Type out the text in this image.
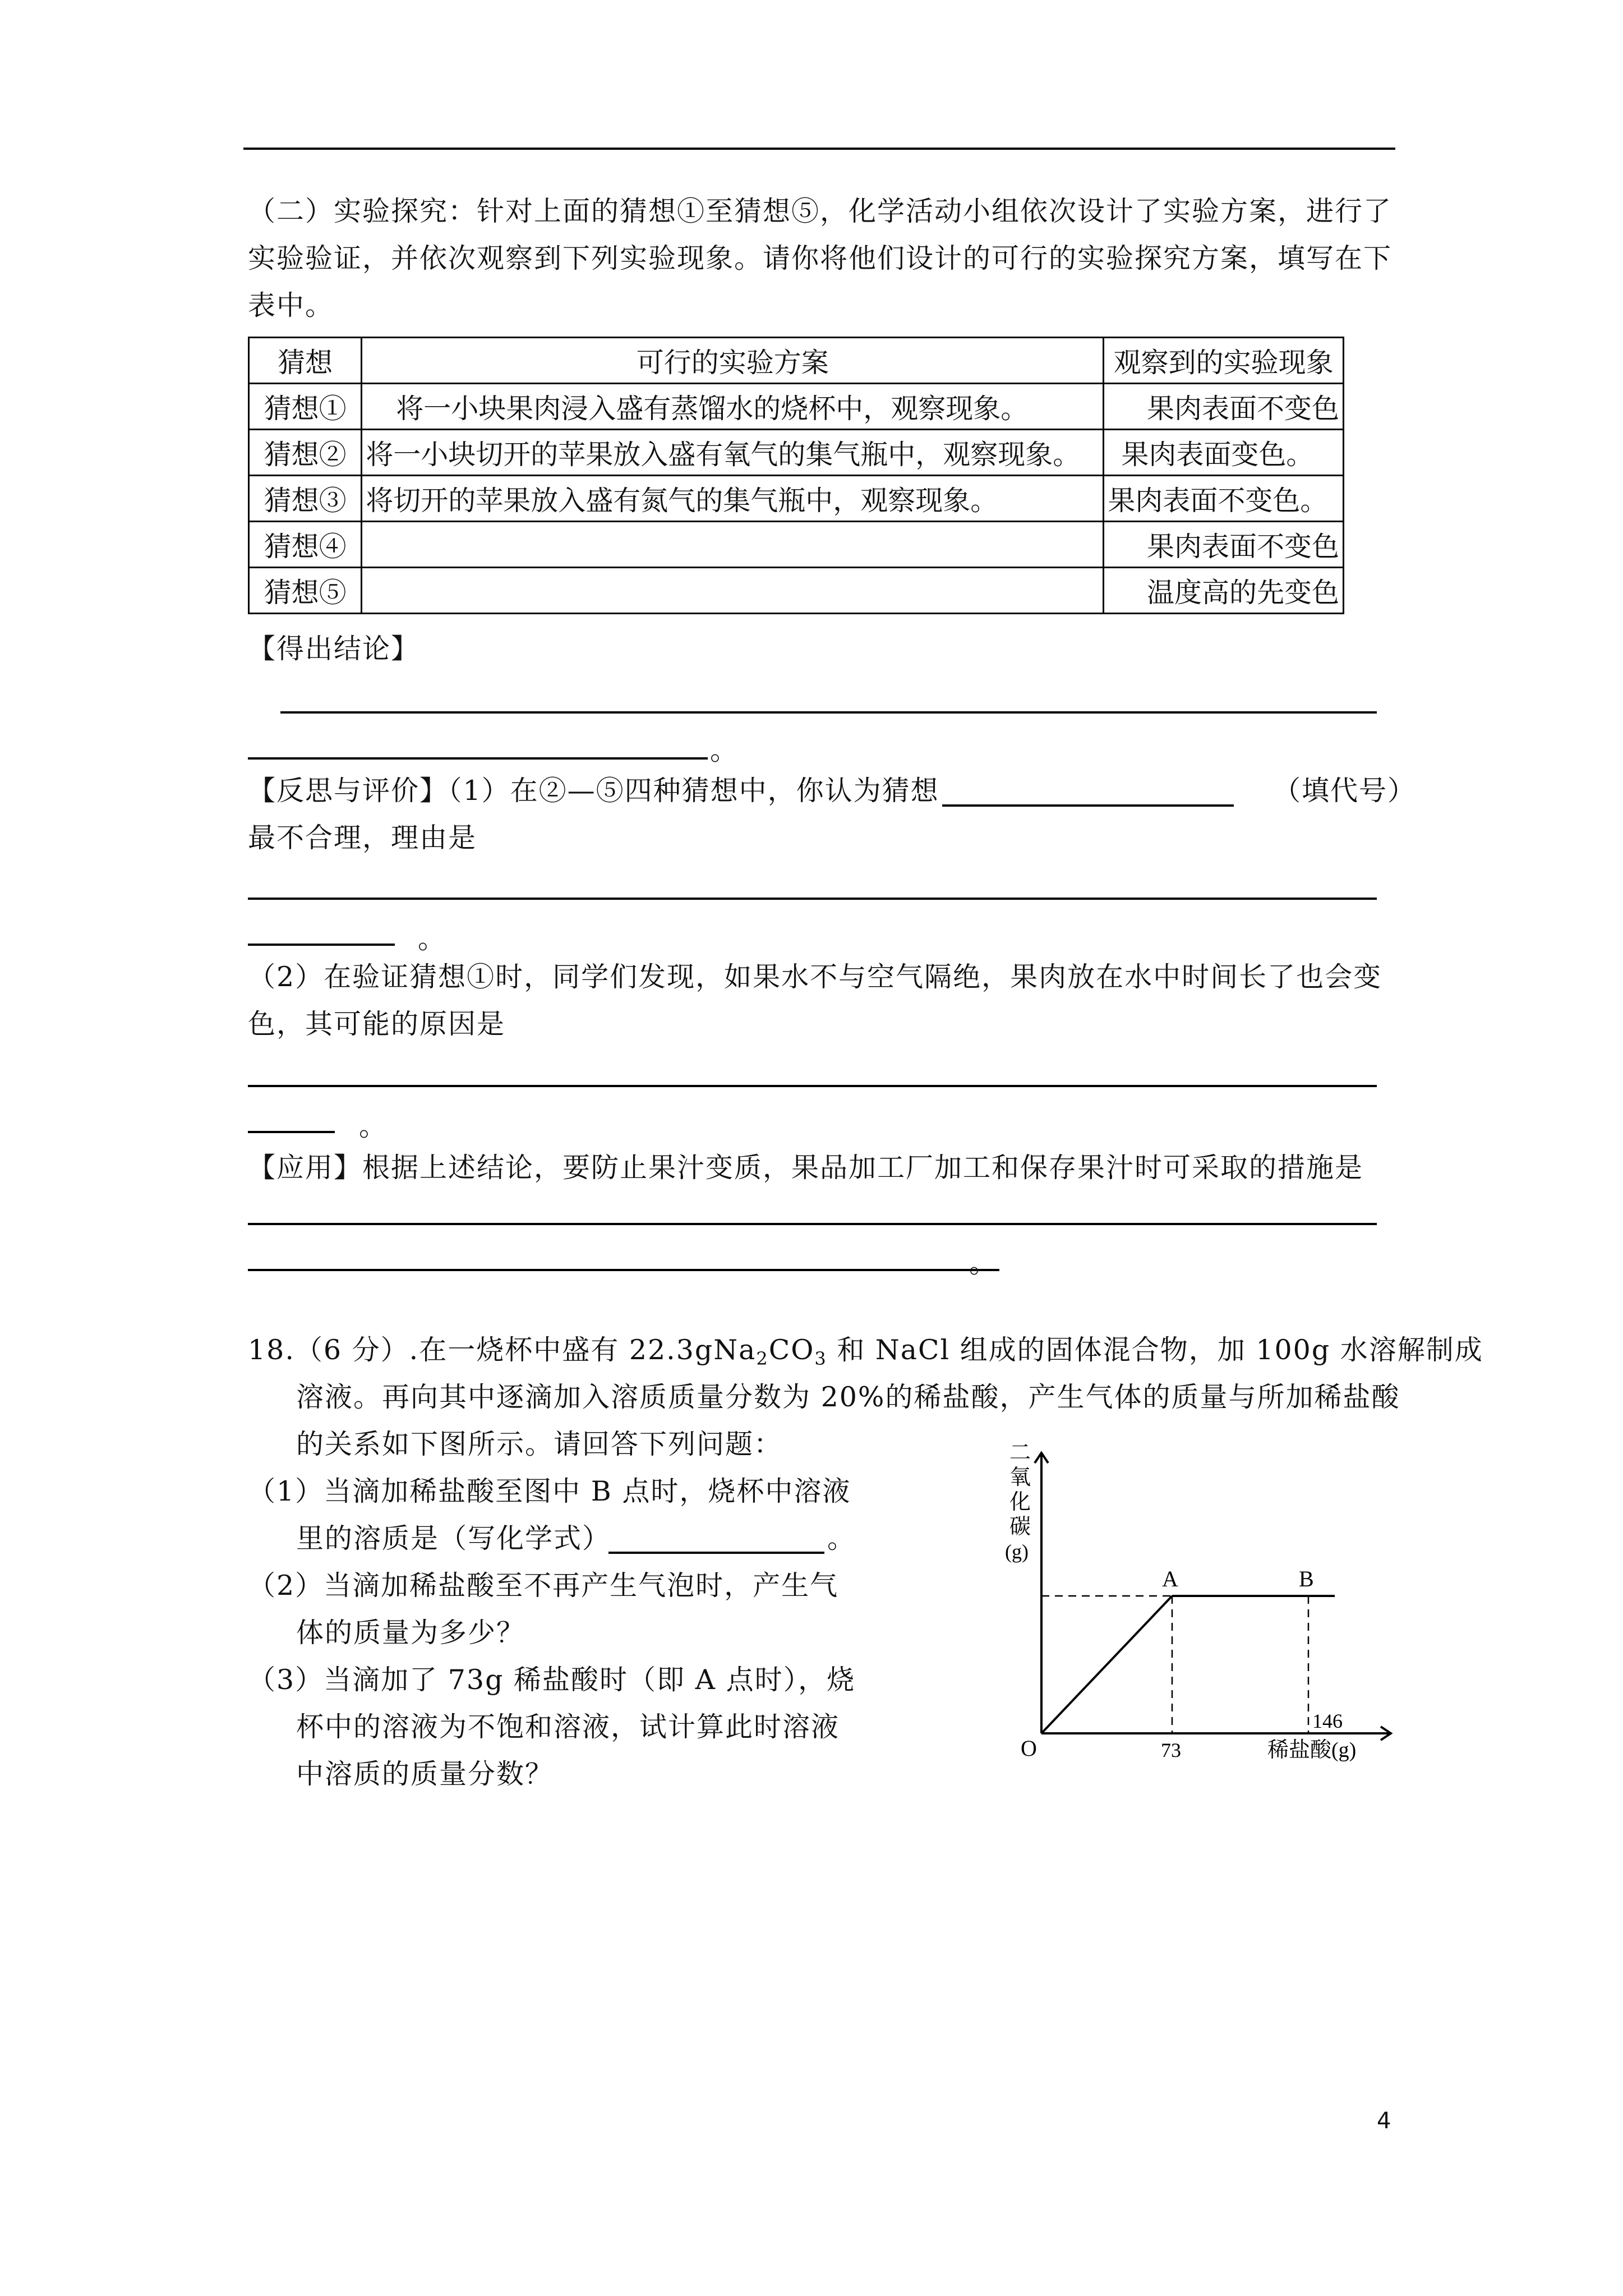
（二）实验探究：针对上面的猜想①至猜想⑤，化学活动小组依次设计了实验方案，进行了
实验验证，并依次观察到下列实验现象。请你将他们设计的可行的实验探究方案，填写在下
表中。
猜想	可行的实验方案	观察到的实验现象
猜想①	将一小块果肉浸入盛有蒸馏水的烧杯中，观察现象。	果肉表面不变色
猜想②	将一小块切开的苹果放入盛有氧气的集气瓶中，观察现象。	果肉表面变色。
猜想③	将切开的苹果放入盛有氮气的集气瓶中，观察现象。	果肉表面不变色。
猜想④		果肉表面不变色
猜想⑤		温度高的先变色
【得出结论】
。
【反思与评价】（1）在②—⑤四种猜想中，你认为猜想	（填代号）
最不合理，理由是
。
（2）在验证猜想①时，同学们发现，如果水不与空气隔绝，果肉放在水中时间长了也会变
色，其可能的原因是
。
【应用】根据上述结论，要防止果汁变质，果品加工厂加工和保存果汁时可采取的措施是
。
18.（6 分）.在一烧杯中盛有 $22.3gNa_2CO_3$ 和 NaCl 组成的固体混合物，加 100g 水溶解制成
溶液。再向其中逐滴加入溶质质量分数为 20%的稀盐酸，产生气体的质量与所加稀盐酸
的关系如下图所示。请回答下列问题：
（1）当滴加稀盐酸至图中 B 点时，烧杯中溶液
里的溶质是（写化学式）	。
（2）当滴加稀盐酸至不再产生气泡时，产生气
体的质量为多少？
（3）当滴加了 73g 稀盐酸时（即 A 点时），烧
杯中的溶液为不饱和溶液，试计算此时溶液
中溶质的质量分数？
二
氧
化
碳
(g)
A	B
O	73
146
稀盐酸(g)
4
